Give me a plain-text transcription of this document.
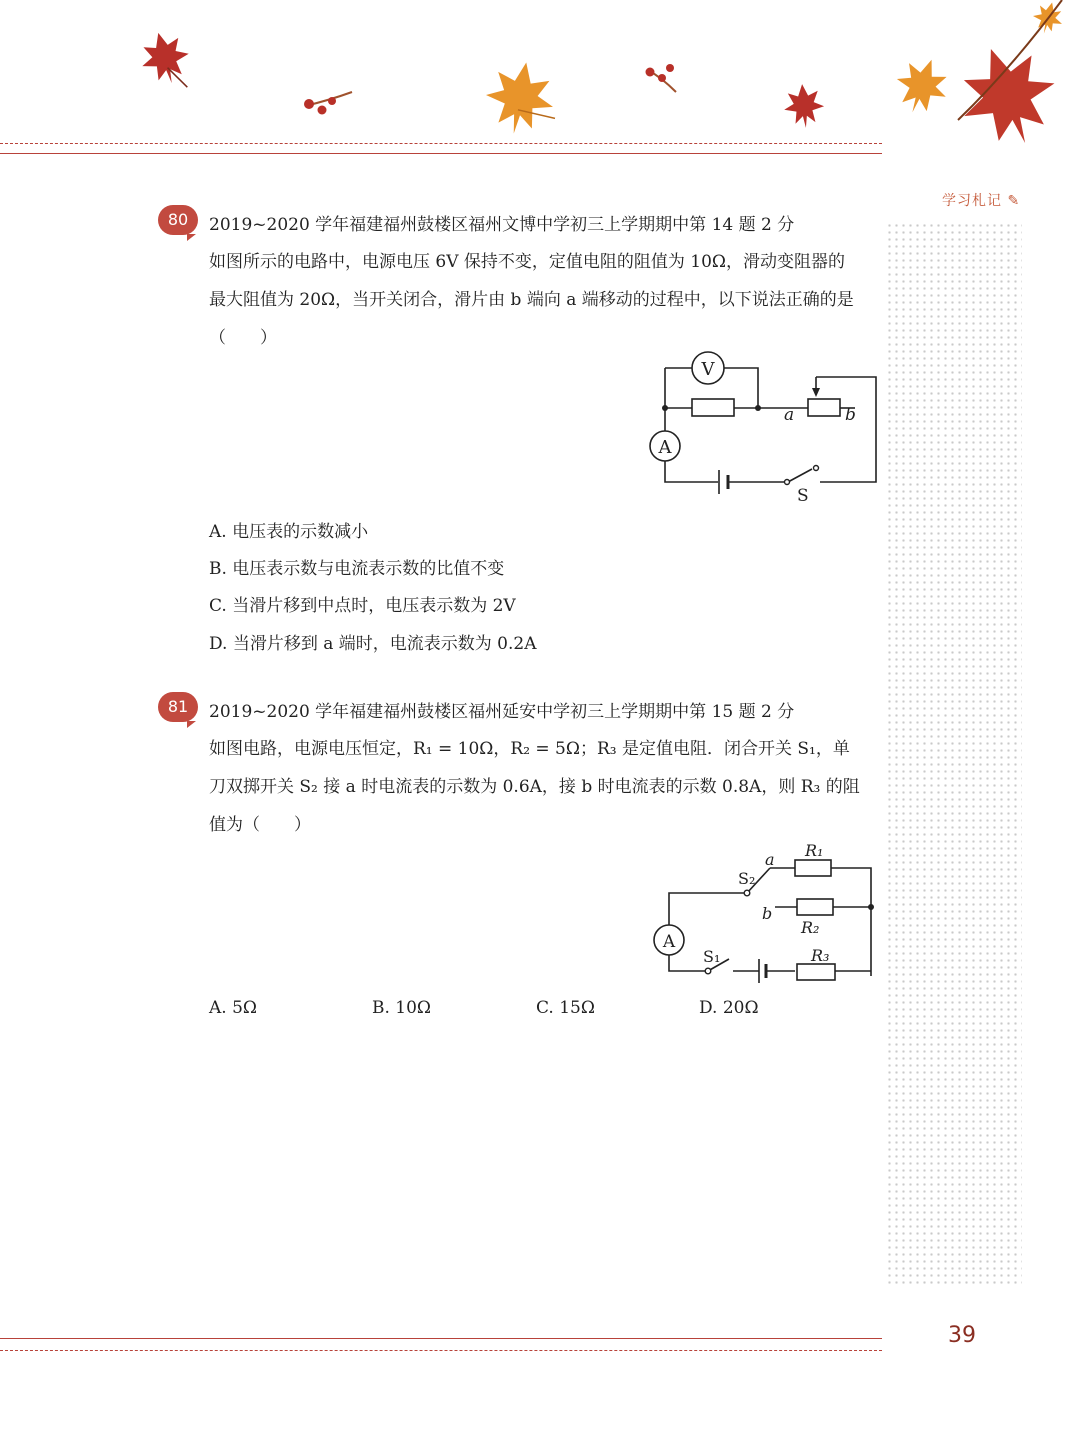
学习札记 ✎
80	2019~2020 学年福建福州鼓楼区福州文博中学初三上学期期中第 14 题 2 分
如图所示的电路中，电源电压 6V 保持不变，定值电阻的阻值为 10Ω，滑动变阻器的
最大阻值为 20Ω，当开关闭合，滑片由 b 端向 a 端移动的过程中，以下说法正确的是
（　　）
V
A
a	b
S
A. 电压表的示数减小
B. 电压表示数与电流表示数的比值不变
C. 当滑片移到中点时，电压表示数为 2V
D. 当滑片移到 a 端时，电流表示数为 0.2A
81	2019~2020 学年福建福州鼓楼区福州延安中学初三上学期期中第 15 题 2 分
如图电路，电源电压恒定，R₁ = 10Ω，R₂ = 5Ω；R₃ 是定值电阻．闭合开关 S₁，单
刀双掷开关 S₂ 接 a 时电流表的示数为 0.6A，接 b 时电流表的示数 0.8A，则 R₃ 的阻
值为（　　）
A
R₁
R₂
R₃
S₂
S₁
a
b
A. 5Ω	B. 10Ω	C. 15Ω	D. 20Ω
39
